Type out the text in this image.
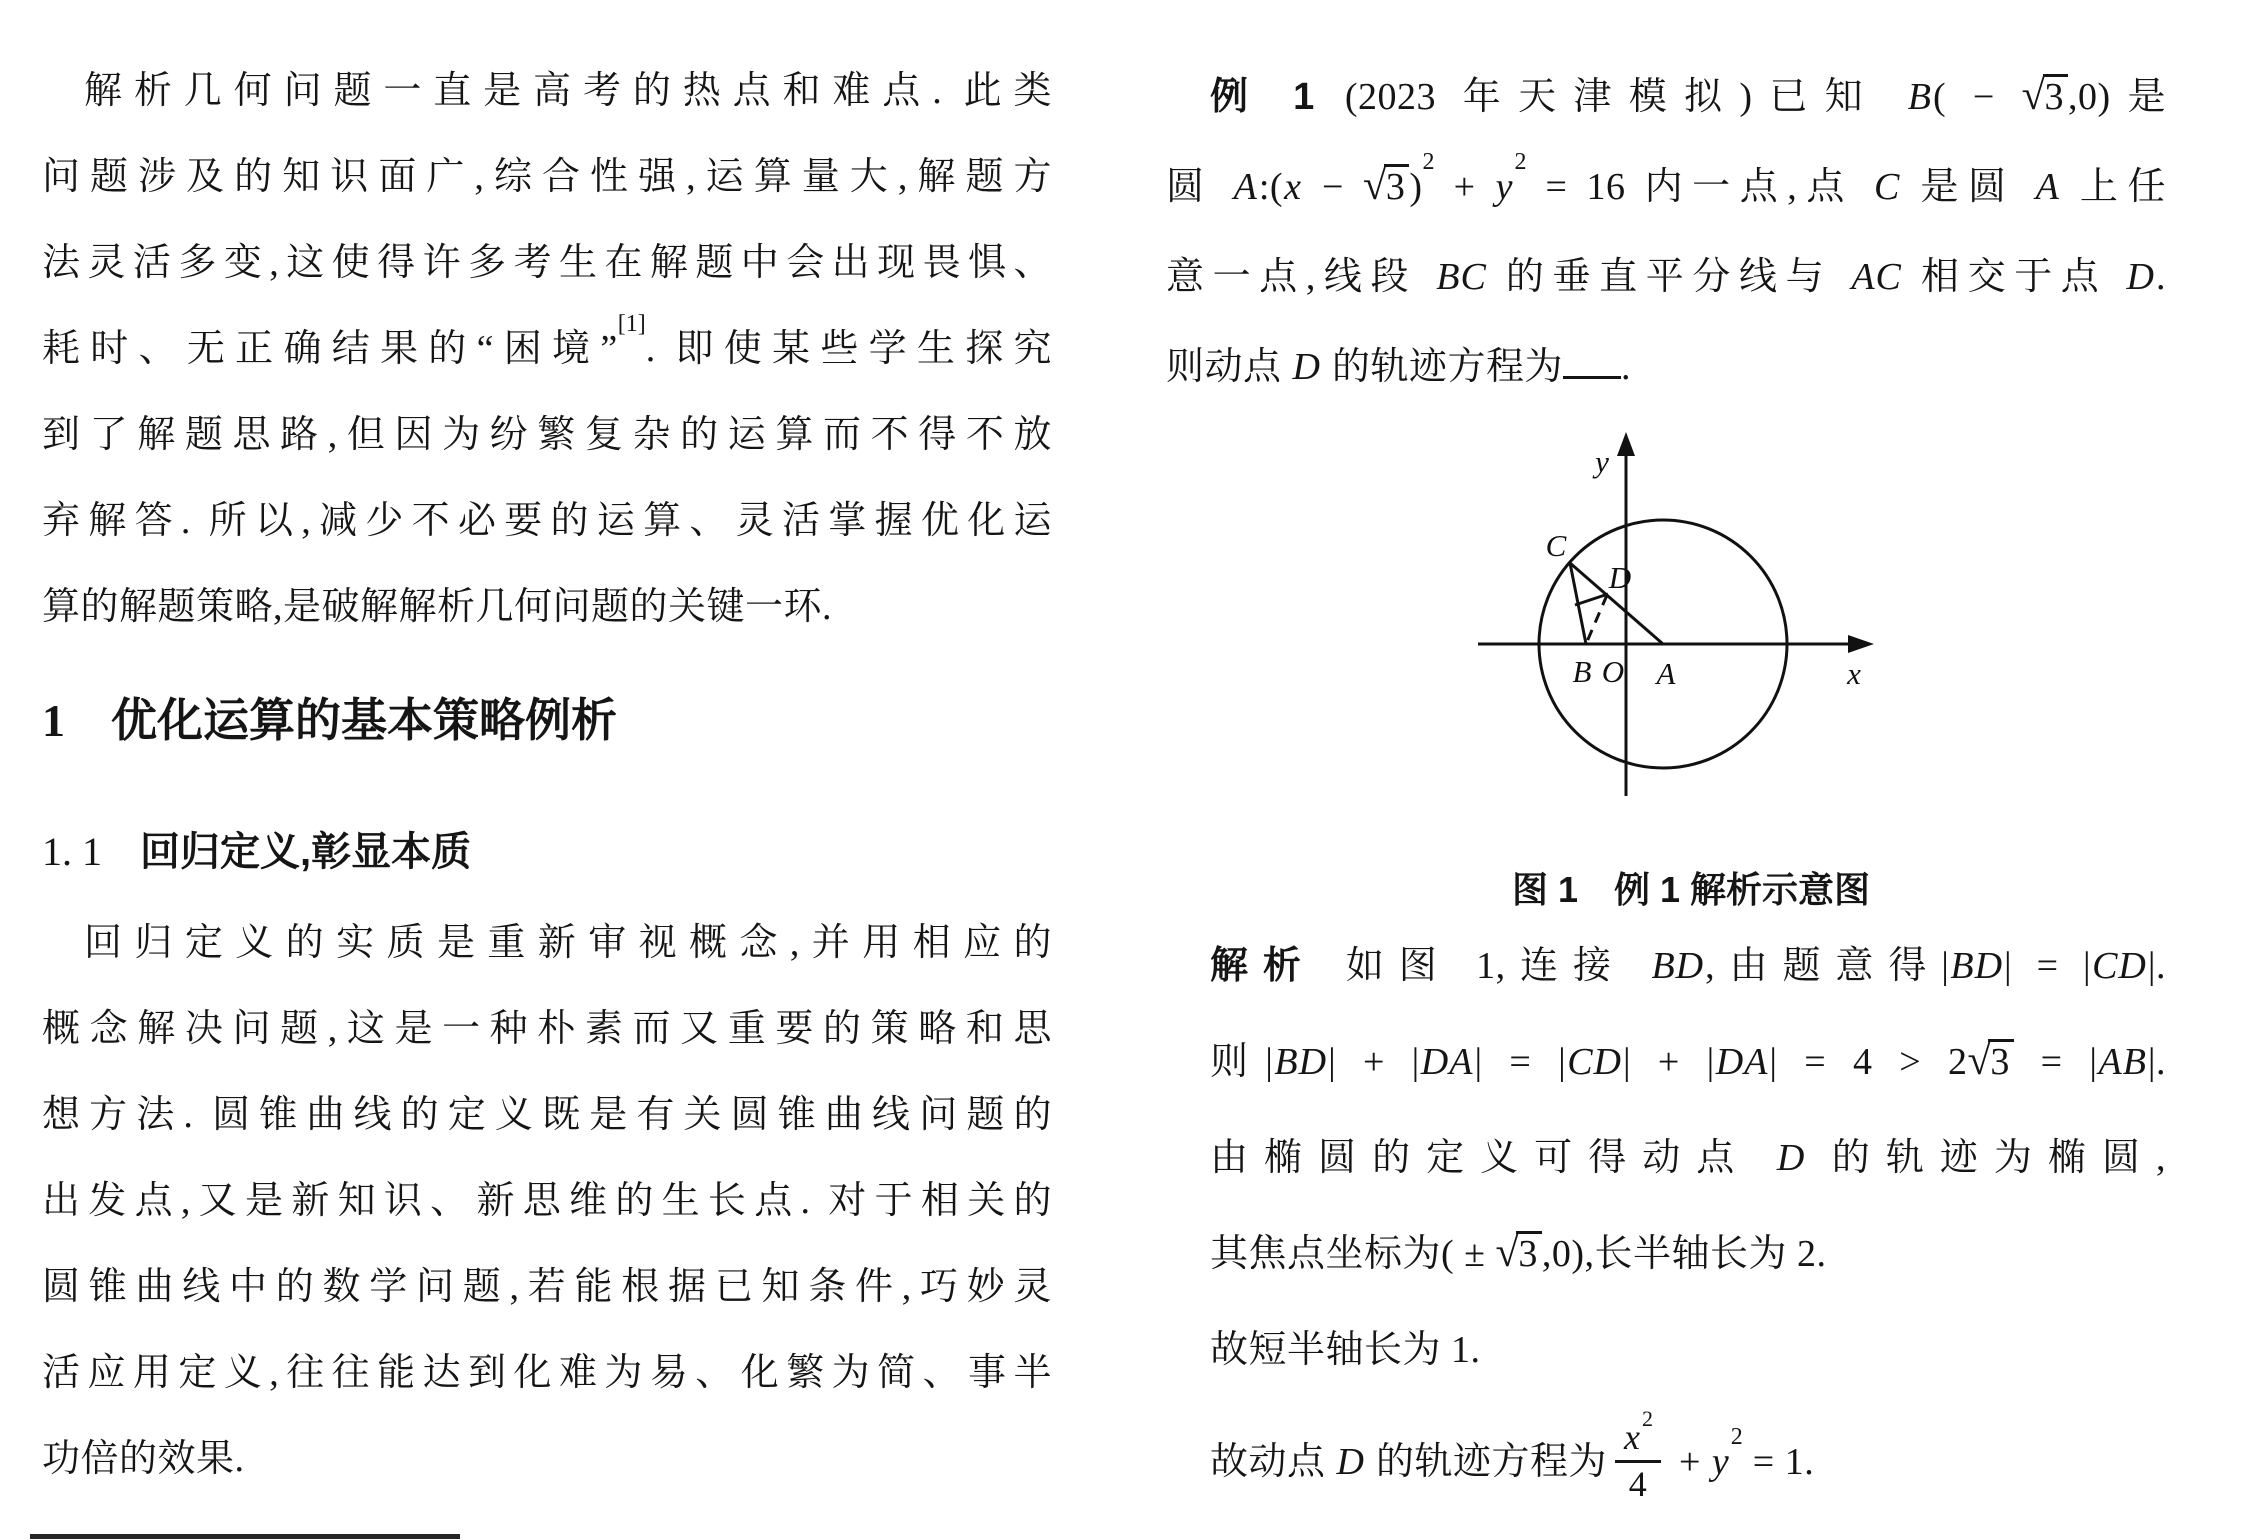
解析几何问题一直是高考的热点和难点. 此类
问题涉及的知识面广,综合性强,运算量大,解题方
法灵活多变,这使得许多考生在解题中会出现畏惧、
耗时、无正确结果的“困境”[1]. 即使某些学生探究
到了解题思路,但因为纷繁复杂的运算而不得不放
弃解答. 所以,减少不必要的运算、灵活掌握优化运
算的解题策略,是破解解析几何问题的关键一环.
1 优化运算的基本策略例析
1. 1 回归定义,彰显本质
回归定义的实质是重新审视概念,并用相应的
概念解决问题,这是一种朴素而又重要的策略和思
想方法. 圆锥曲线的定义既是有关圆锥曲线问题的
出发点,又是新知识、新思维的生长点. 对于相关的
圆锥曲线中的数学问题,若能根据已知条件,巧妙灵
活应用定义,往往能达到化难为易、化繁为简、事半
功倍的效果.
例 1 (2023 年天津模拟)已知 B( − √3 ,0)是
圆 A:(x − √3 )$^2 + y^2 = 16$ 内一点,点 C 是圆 A 上任
意一点,线段 BC 的垂直平分线与 AC 相交于点 D.
则动点 D 的轨迹方程为 .
C
D
B O A	x
y
图 1　例 1 解析示意图
解析 如图 1,连接 BD,由题意得|BD| = |CD|.
则|BD| + |DA| = |CD| + |DA| = 4 > 2√3 = |AB|.
由椭圆的定义可得动点 D 的轨迹为椭圆,
其焦点坐标为( ± √3 ,0),长半轴长为 2.
故短半轴长为 1.
故动点 D 的轨迹方程为 $\frac{x^2}{4} + y^2 = 1$.
